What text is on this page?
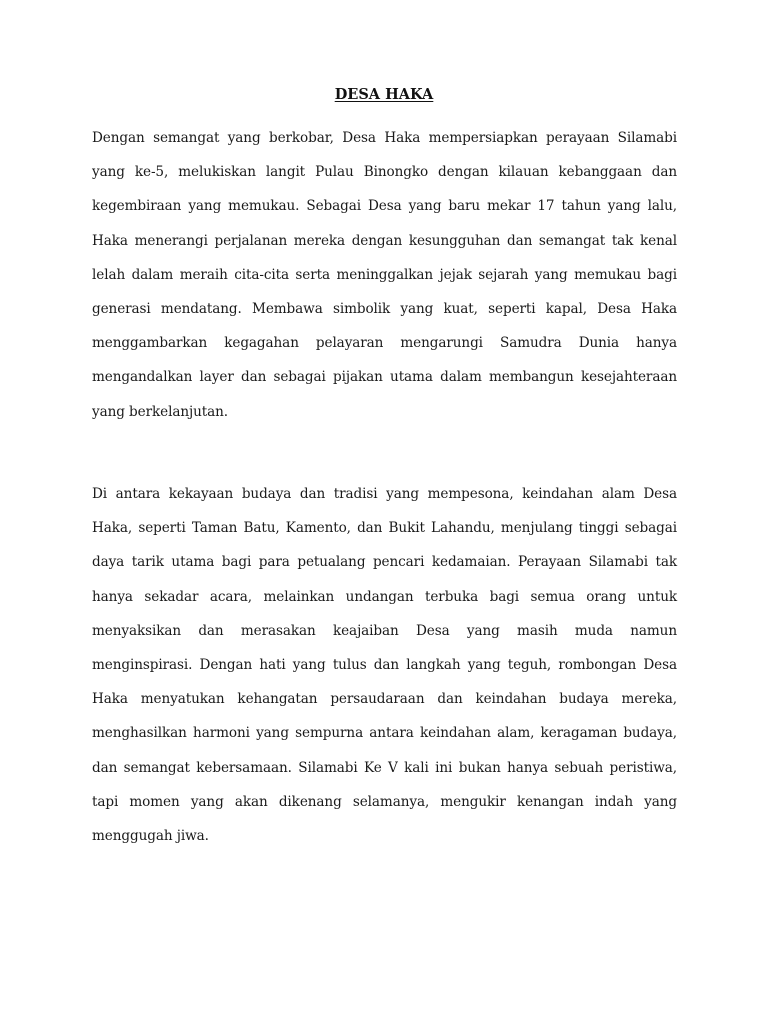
DESA HAKA

Dengan semangat yang berkobar, Desa Haka mempersiapkan perayaan Silamabi yang ke-5, melukiskan langit Pulau Binongko dengan kilauan kebanggaan dan kegembiraan yang memukau. Sebagai Desa yang baru mekar 17 tahun yang lalu, Haka menerangi perjalanan mereka dengan kesungguhan dan semangat tak kenal lelah dalam meraih cita-cita serta meninggalkan jejak sejarah yang memukau bagi generasi mendatang. Membawa simbolik yang kuat, seperti kapal, Desa Haka menggambarkan kegagahan pelayaran mengarungi Samudra Dunia hanya mengandalkan layer dan sebagai pijakan utama dalam membangun kesejahteraan yang berkelanjutan.

Di antara kekayaan budaya dan tradisi yang mempesona, keindahan alam Desa Haka, seperti Taman Batu, Kamento, dan Bukit Lahandu, menjulang tinggi sebagai daya tarik utama bagi para petualang pencari kedamaian. Perayaan Silamabi tak hanya sekadar acara, melainkan undangan terbuka bagi semua orang untuk menyaksikan dan merasakan keajaiban Desa yang masih muda namun menginspirasi. Dengan hati yang tulus dan langkah yang teguh, rombongan Desa Haka menyatukan kehangatan persaudaraan dan keindahan budaya mereka, menghasilkan harmoni yang sempurna antara keindahan alam, keragaman budaya, dan semangat kebersamaan. Silamabi Ke V kali ini bukan hanya sebuah peristiwa, tapi momen yang akan dikenang selamanya, mengukir kenangan indah yang menggugah jiwa.
